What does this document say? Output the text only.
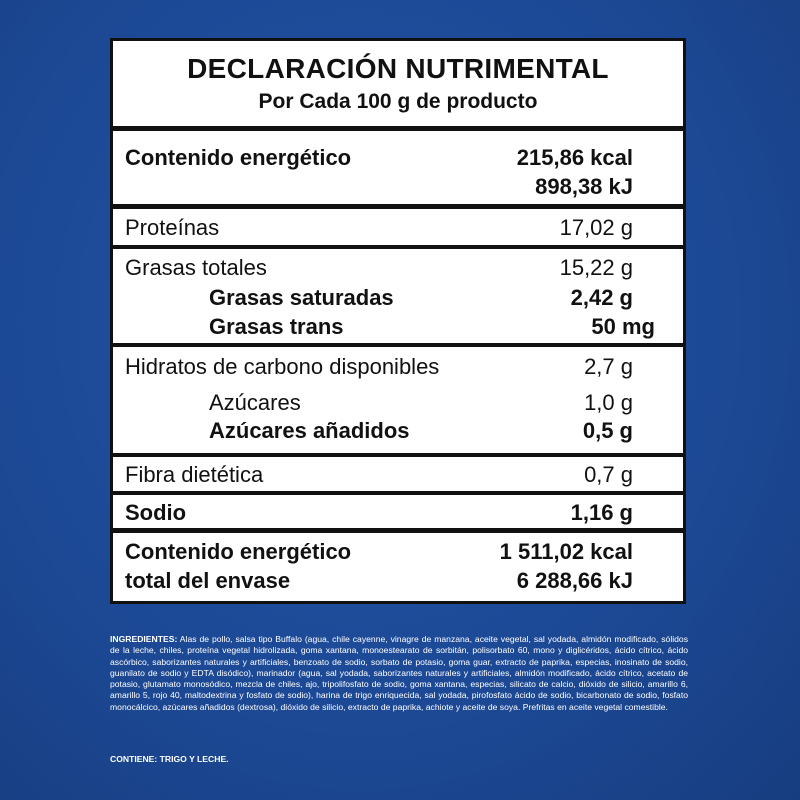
DECLARACIÓN NUTRIMENTAL
Por Cada 100 g de producto
Contenido energético	215,86 kcal
898,38 kJ
Proteínas	17,02 g
Grasas totales	15,22 g
Grasas saturadas	2,42 g
Grasas trans	50 mg
Hidratos de carbono disponibles	2,7 g
Azúcares	1,0 g
Azúcares añadidos	0,5 g
Fibra dietética	0,7 g
Sodio	1,16 g
Contenido energético	1 511,02 kcal
total del envase	6 288,66 kJ
INGREDIENTES: Alas de pollo, salsa tipo Buffalo (agua, chile cayenne, vinagre de manzana, aceite vegetal, sal yodada, almidón modificado, sólidos de la leche, chiles, proteína vegetal hidrolizada, goma xantana, monoestearato de sorbitán, polisorbato 60, mono y diglicéridos, ácido cítrico, ácido ascórbico, saborizantes naturales y artificiales, benzoato de sodio, sorbato de potasio, goma guar, extracto de paprika, especias, inosinato de sodio, guanilato de sodio y EDTA disódico), marinador (agua, sal yodada, saborizantes naturales y artificiales, almidón modificado, ácido cítrico, acetato de potasio, glutamato monosódico, mezcla de chiles, ajo, tripolifosfato de sodio, goma xantana, especias, silicato de calcio, dióxido de silicio, amarillo 6, amarillo 5, rojo 40, maltodextrina y fosfato de sodio), harina de trigo enriquecida, sal yodada, pirofosfato ácido de sodio, bicarbonato de sodio, fosfato monocálcico, azúcares añadidos (dextrosa), dióxido de silicio, extracto de paprika, achiote y aceite de soya. Prefritas en aceite vegetal comestible.
CONTIENE: TRIGO Y LECHE.
